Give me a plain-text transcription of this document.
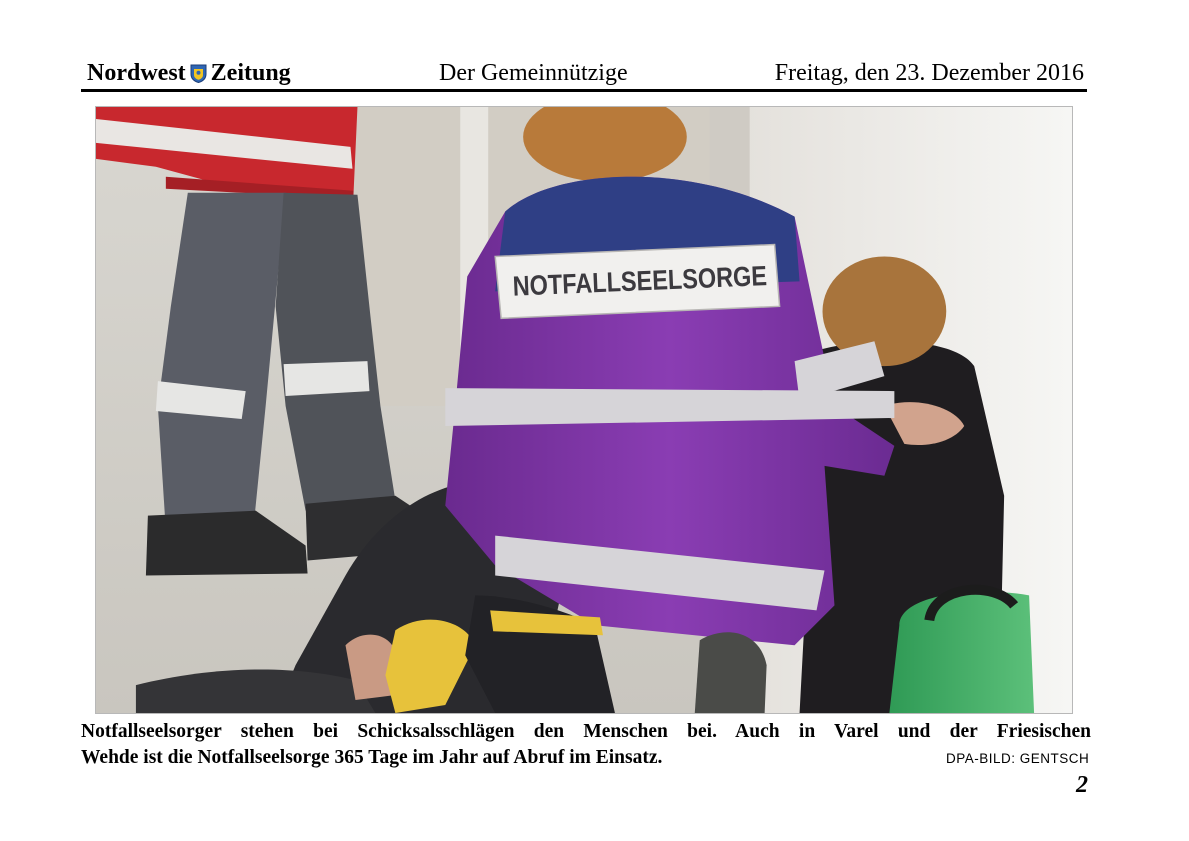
Nordwest Zeitung	Der Gemeinnützige	Freitag, den 23. Dezember 2016
NOTFALLSEELSORGE
Notfallseelsorger stehen bei Schicksalsschlägen den Menschen bei. Auch in Varel und der Friesischen
Wehde ist die Notfallseelsorge 365 Tage im Jahr auf Abruf im Einsatz.	DPA-BILD: GENTSCH
2
